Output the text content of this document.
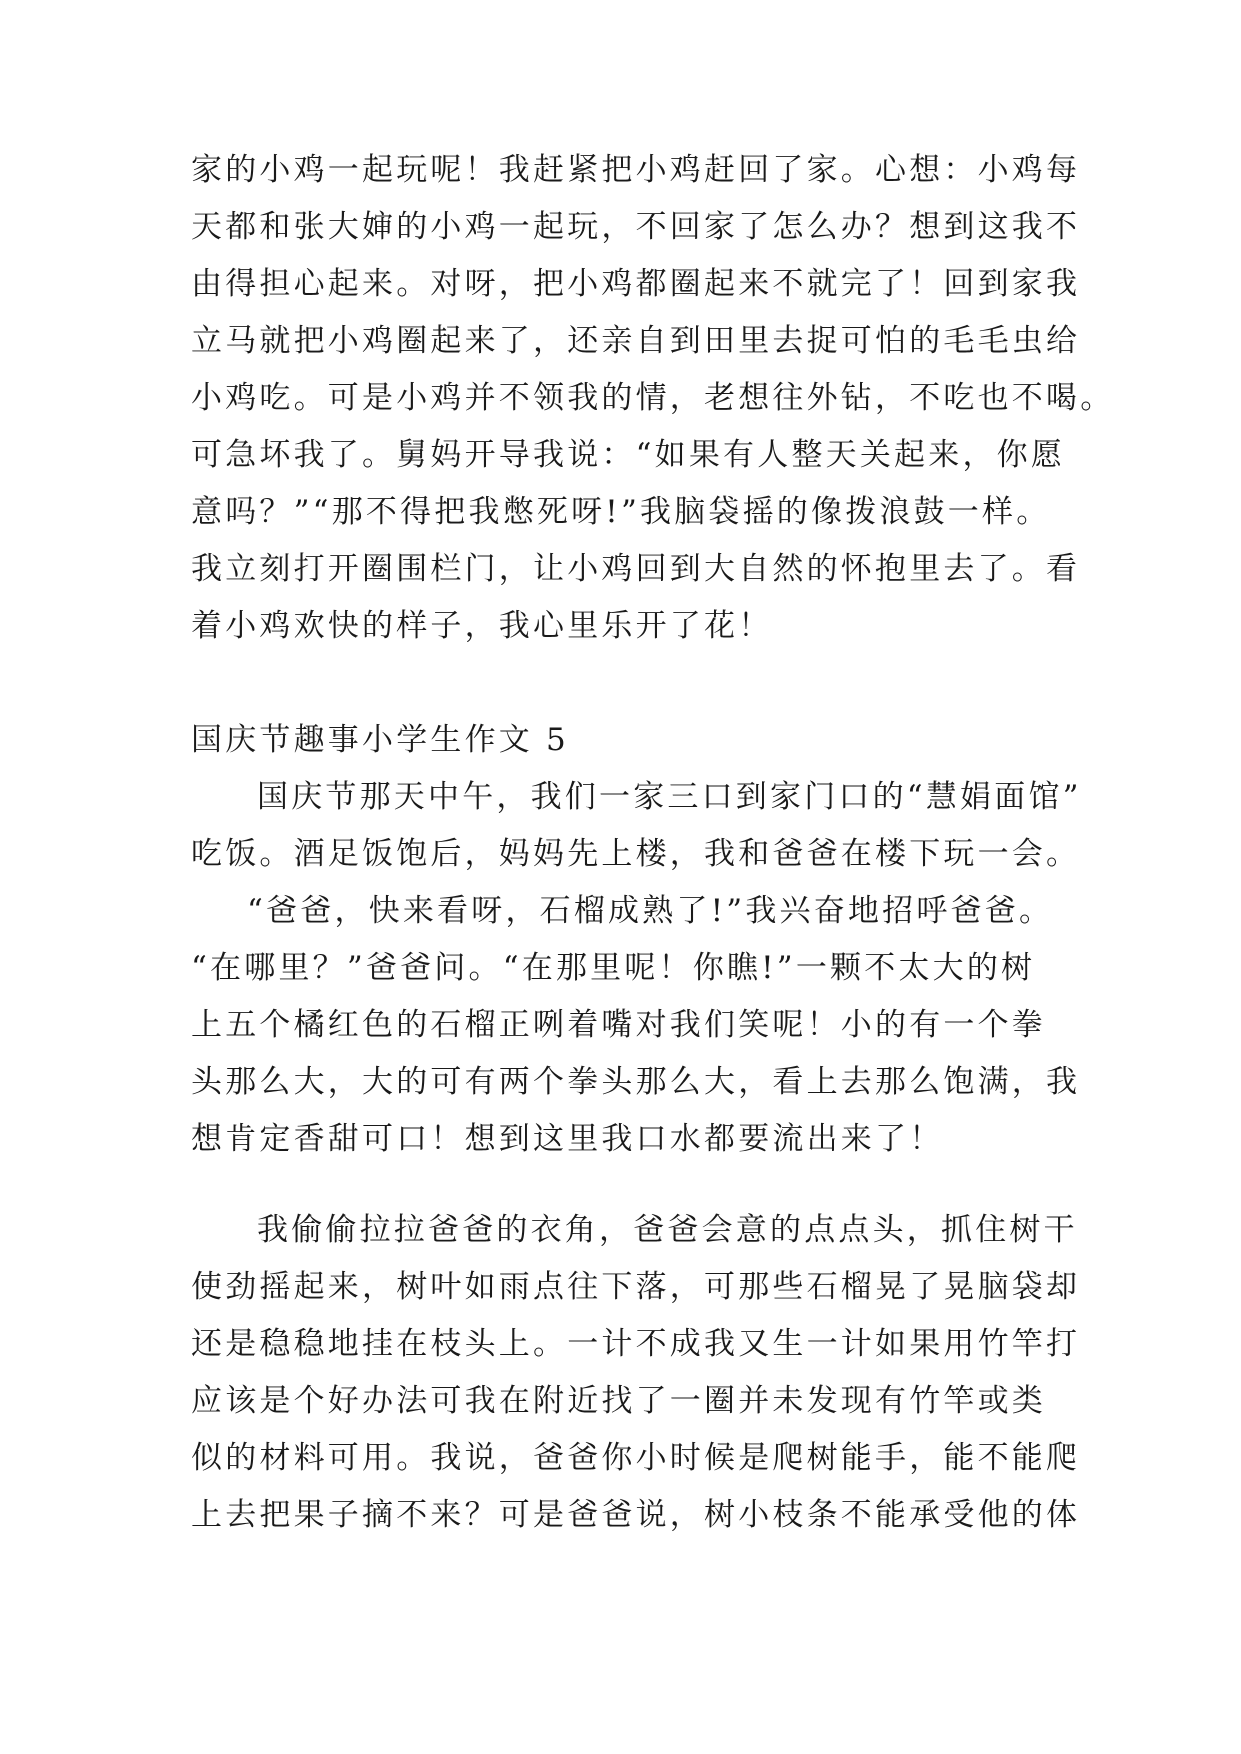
家的小鸡一起玩呢！我赶紧把小鸡赶回了家。心想：小鸡每
天都和张大婶的小鸡一起玩，不回家了怎么办？想到这我不
由得担心起来。对呀，把小鸡都圈起来不就完了！回到家我
立马就把小鸡圈起来了，还亲自到田里去捉可怕的毛毛虫给
小鸡吃。可是小鸡并不领我的情，老想往外钻，不吃也不喝。
可急坏我了。舅妈开导我说：“如果有人整天关起来，你愿
意吗？”“那不得把我憋死呀!”我脑袋摇的像拨浪鼓一样。
我立刻打开圈围栏门，让小鸡回到大自然的怀抱里去了。看
着小鸡欢快的样子，我心里乐开了花！
国庆节趣事小学生作文 5
国庆节那天中午，我们一家三口到家门口的“慧娟面馆”
吃饭。酒足饭饱后，妈妈先上楼，我和爸爸在楼下玩一会。
“爸爸，快来看呀，石榴成熟了!”我兴奋地招呼爸爸。
“在哪里？”爸爸问。“在那里呢！你瞧!”一颗不太大的树
上五个橘红色的石榴正咧着嘴对我们笑呢！小的有一个拳
头那么大，大的可有两个拳头那么大，看上去那么饱满，我
想肯定香甜可口！想到这里我口水都要流出来了！
我偷偷拉拉爸爸的衣角，爸爸会意的点点头，抓住树干
使劲摇起来，树叶如雨点往下落，可那些石榴晃了晃脑袋却
还是稳稳地挂在枝头上。一计不成我又生一计如果用竹竿打
应该是个好办法可我在附近找了一圈并未发现有竹竿或类
似的材料可用。我说，爸爸你小时候是爬树能手，能不能爬
上去把果子摘不来？可是爸爸说，树小枝条不能承受他的体
